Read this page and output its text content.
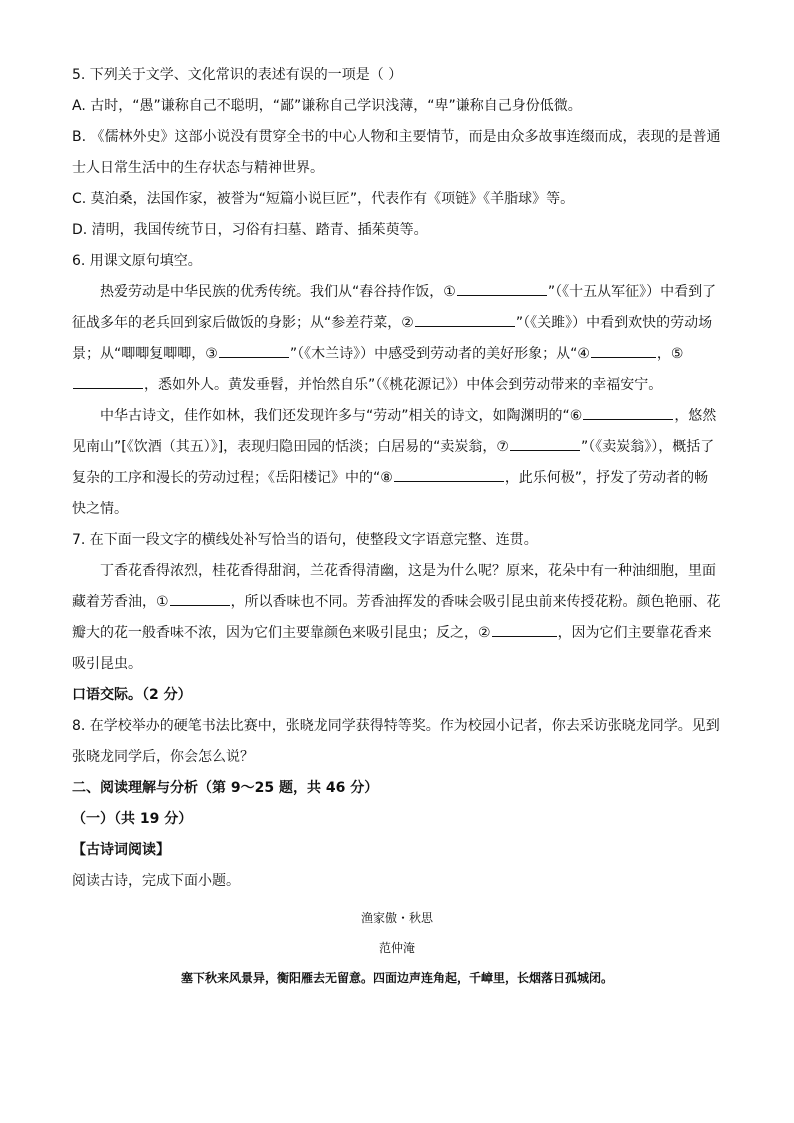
5. 下列关于文学、文化常识的表述有误的一项是（ ）
A. 古时，“愚”谦称自己不聪明，“鄙”谦称自己学识浅薄，“卑”谦称自己身份低微。
B. 《儒林外史》这部小说没有贯穿全书的中心人物和主要情节，而是由众多故事连缀而成，表现的是普通士人日常生活中的生存状态与精神世界。
C. 莫泊桑，法国作家，被誉为“短篇小说巨匠”，代表作有《项链》《羊脂球》等。
D. 清明，我国传统节日，习俗有扫墓、踏青、插茱萸等。
6. 用课文原句填空。
热爱劳动是中华民族的优秀传统。我们从“舂谷持作饭，①	”（《十五从军征》）中看到了征战多年的老兵回到家后做饭的身影；从“参差荇菜，②	”（《关雎》）中看到欢快的劳动场景；从“唧唧复唧唧，③	”（《木兰诗》）中感受到劳动者的美好形象；从“④	，⑤，悉如外人。黄发垂髫，并怡然自乐”（《桃花源记》）中体会到劳动带来的幸福安宁。
中华古诗文，佳作如林，我们还发现许多与“劳动”相关的诗文，如陶渊明的“⑥	，悠然见南山”[《饮酒（其五）》]，表现归隐田园的恬淡；白居易的“卖炭翁，⑦	”（《卖炭翁》），概括了复杂的工序和漫长的劳动过程；《岳阳楼记》中的“⑧	，此乐何极”，抒发了劳动者的畅快之情。
7. 在下面一段文字的横线处补写恰当的语句，使整段文字语意完整、连贯。
丁香花香得浓烈，桂花香得甜润，兰花香得清幽，这是为什么呢？原来，花朵中有一种油细胞，里面藏着芳香油，①	，所以香味也不同。芳香油挥发的香味会吸引昆虫前来传授花粉。颜色艳丽、花瓣大的花一般香味不浓，因为它们主要靠颜色来吸引昆虫；反之，②	，因为它们主要靠花香来吸引昆虫。
口语交际。（2 分）
8. 在学校举办的硬笔书法比赛中，张晓龙同学获得特等奖。作为校园小记者，你去采访张晓龙同学。见到张晓龙同学后，你会怎么说？
二、阅读理解与分析（第 9～25 题，共 46 分）
（一）（共 19 分）
【古诗词阅读】
阅读古诗，完成下面小题。
渔家傲・秋思
范仲淹
塞下秋来风景异，衡阳雁去无留意。四面边声连角起，千嶂里，长烟落日孤城闭。
